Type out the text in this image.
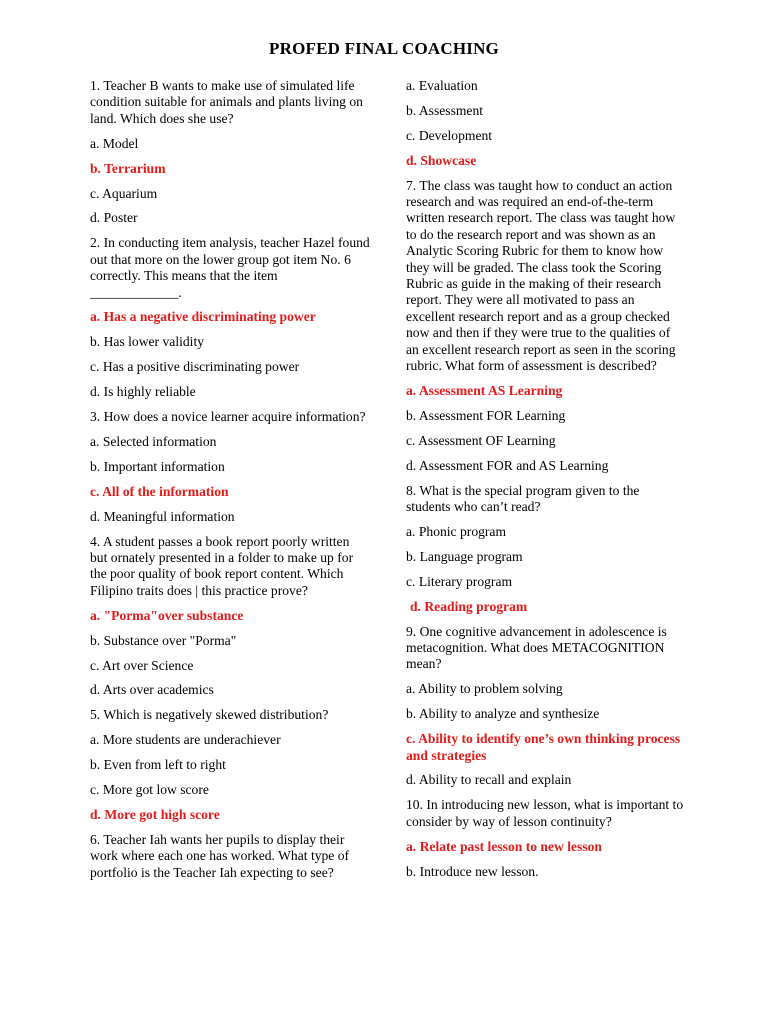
PROFED FINAL COACHING

1. Teacher B wants to make use of simulated life condition suitable for animals and plants living on land. Which does she use?

a. Model

b. Terrarium

c. Aquarium

d. Poster

2. In conducting item analysis, teacher Hazel found out that more on the lower group got item No. 6 correctly. This means that the item _____________.

a. Has a negative discriminating power

b. Has lower validity

c. Has a positive discriminating power

d. Is highly reliable

3. How does a novice learner acquire information?

a. Selected information

b. Important information

c. All of the information

d. Meaningful information

4. A student passes a book report poorly written but ornately presented in a folder to make up for the poor quality of book report content. Which Filipino traits does | this practice prove?

a. "Porma"over substance

b. Substance over "Porma"

c. Art over Science

d. Arts over academics

5. Which is negatively skewed distribution?

a. More students are underachiever

b. Even from left to right

c. More got low score

d. More got high score

6. Teacher Iah wants her pupils to display their work where each one has worked. What type of portfolio is the Teacher Iah expecting to see?

a. Evaluation

b. Assessment

c. Development

d. Showcase

7. The class was taught how to conduct an action research and was required an end-of-the-term written research report. The class was taught how to do the research report and was shown as an Analytic Scoring Rubric for them to know how they will be graded. The class took the Scoring Rubric as guide in the making of their research report. They were all motivated to pass an excellent research report and as a group checked now and then if they were true to the qualities of an excellent research report as seen in the scoring rubric. What form of assessment is described?

a. Assessment AS Learning

b. Assessment FOR Learning

c. Assessment OF Learning

d. Assessment FOR and AS Learning

8. What is the special program given to the students who can’t read?

a. Phonic program

b. Language program

c. Literary program

d. Reading program

9. One cognitive advancement in adolescence is metacognition. What does METACOGNITION mean?

a. Ability to problem solving

b. Ability to analyze and synthesize

c. Ability to identify one’s own thinking process and strategies

d. Ability to recall and explain

10. In introducing new lesson, what is important to consider by way of lesson continuity?

a. Relate past lesson to new lesson

b. Introduce new lesson.
